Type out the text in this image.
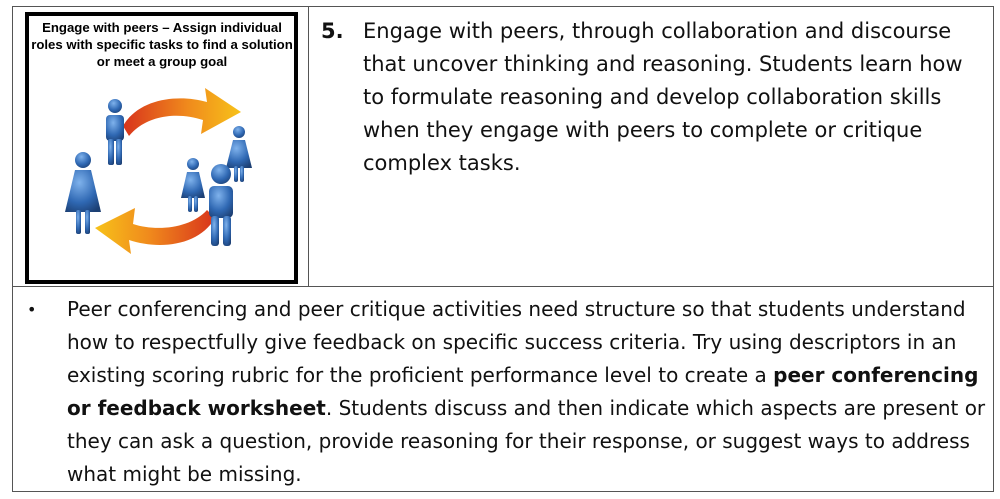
Engage with peers – Assign individual roles with specific tasks to find a solution or meet a group goal
5. Engage with peers, through collaboration and discourse that uncover thinking and reasoning. Students learn how to formulate reasoning and develop collaboration skills when they engage with peers to complete or critique complex tasks.
• Peer conferencing and peer critique activities need structure so that students understand how to respectfully give feedback on specific success criteria. Try using descriptors in an existing scoring rubric for the proficient performance level to create a peer conferencing or feedback worksheet. Students discuss and then indicate which aspects are present or they can ask a question, provide reasoning for their response, or suggest ways to address what might be missing.
